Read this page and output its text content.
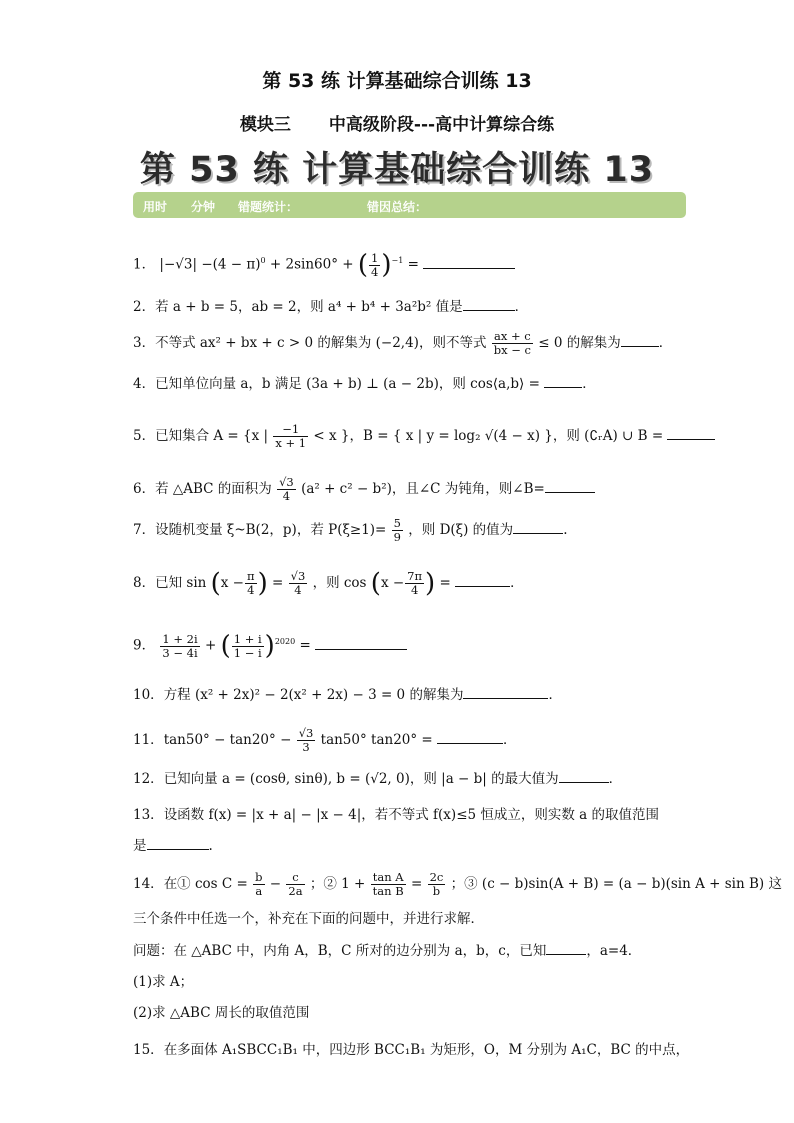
第 53 练 计算基础综合训练 13
模块三 中高级阶段---高中计算综合练
第 53 练 计算基础综合训练 13
用时 分钟 错题统计：	错因总结：
1． $|-√3| -(4 - \pi)^0 + 2\sin 60^\circ$ + ( $\frac{1}{4} )^{-1}$ =
2．若 a + b = 5，ab = 2，则 a⁴ + b⁴ + 3a²b² 值是	．
3．不等式 ax² + bx + c > 0 的解集为 (−2,4)，则不等式 $\frac{ax + c}{bx - c} \le 0$ 的解集为	．
4．已知单位向量 a，b 满足 (3a + b) ⊥ (a − 2b)，则 cos⟨a,b⟩ =	．
5．已知集合 A = {x | $\frac{-1}{x + 1} < x$ }，B = { x | y = log₂ √(4 − x) }，则 (∁ᵣA) ∪ B =
6．若 △ABC 的面积为 $\frac{√3}{4} (a^2 + c^2 - b^2)$，且∠C 为钝角，则∠B=
7．设随机变量 ξ~B(2，p)，若 $P(\xi\ge 1)= \frac{5}{9}$ ，则 D(ξ) 的值为	.
8．已知 $\sin (x - \frac{\pi}{4}$ ) = $\frac{√3}{4}$ ，则 $\cos (x - \frac{7\pi}{4}$ ) =	．
9． $\frac{1 + 2i}{3 - 4i}$ + ( $\frac{1 + i}{1 - i} )^{2020}$ =
10．方程 (x² + 2x)² − 2(x² + 2x) − 3 = 0 的解集为	．
11．$\tan 50^\circ - \tan 20^\circ - \frac{√3}{3} \tan 50^\circ$ tan20° =	．
12．已知向量 a = (cosθ, sinθ), b = (√2, 0)，则 |a − b| 的最大值为	．
13．设函数 f(x) = |x + a| − |x − 4|，若不等式 f(x)≤5 恒成立，则实数 a 的取值范围
是	.
14．在① $\cos C = \frac{b}{a} - \frac{c}{2a}$ ；② $1 + \frac{\text{tan A}}{\text{tan B}} = \frac{2c}{b}$ ；③ (c − b)sin(A + B) = (a − b)(sin A + sin B) 这
三个条件中任选一个，补充在下面的问题中，并进行求解．
问题：在 △ABC 中，内角 A，B，C 所对的边分别为 a，b，c，已知	，a=4．
(1)求 A；
(2)求 △ABC 周长的取值范围
15．在多面体 A₁SBCC₁B₁ 中，四边形 BCC₁B₁ 为矩形，O，M 分别为 A₁C，BC 的中点，
